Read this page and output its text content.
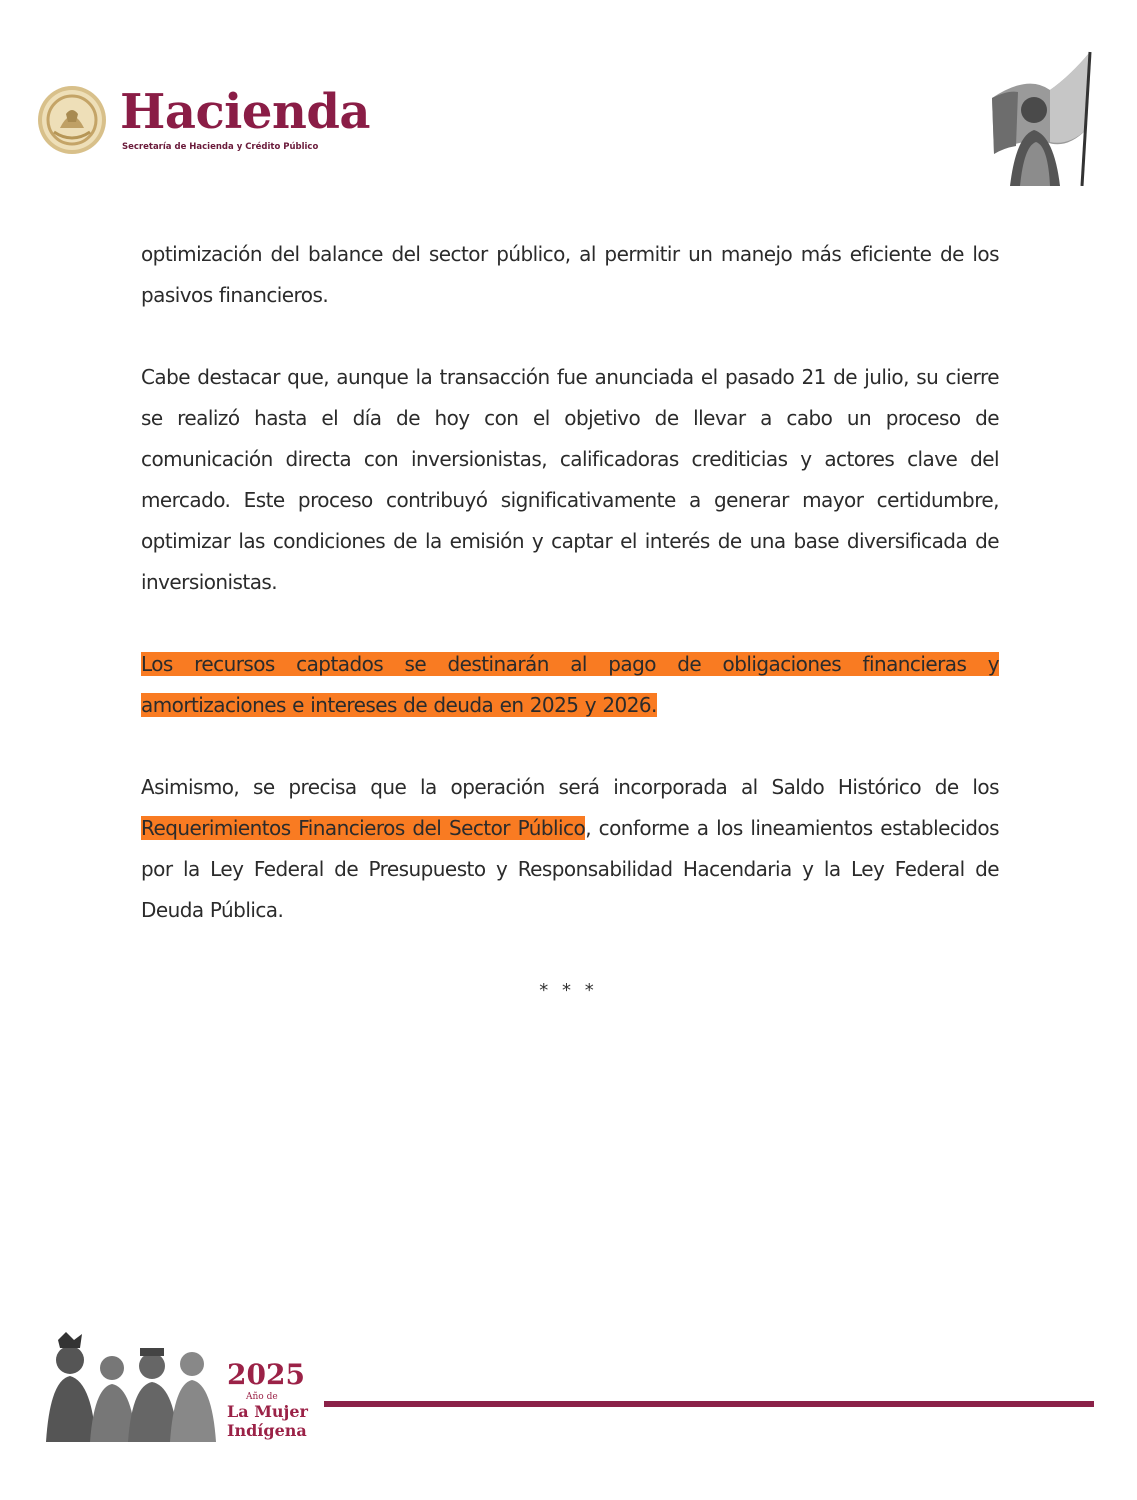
Hacienda
Secretaría de Hacienda y Crédito Público

optimización del balance del sector público, al permitir un manejo más eficiente de los pasivos financieros.

Cabe destacar que, aunque la transacción fue anunciada el pasado 21 de julio, su cierre se realizó hasta el día de hoy con el objetivo de llevar a cabo un proceso de comunicación directa con inversionistas, calificadoras crediticias y actores clave del mercado. Este proceso contribuyó significativamente a generar mayor certidumbre, optimizar las condiciones de la emisión y captar el interés de una base diversificada de inversionistas.

Los recursos captados se destinarán al pago de obligaciones financieras y amortizaciones e intereses de deuda en 2025 y 2026.

Asimismo, se precisa que la operación será incorporada al Saldo Histórico de los Requerimientos Financieros del Sector Público, conforme a los lineamientos establecidos por la Ley Federal de Presupuesto y Responsabilidad Hacendaria y la Ley Federal de Deuda Pública.

* * *
2025
Año de
La Mujer
Indígena
